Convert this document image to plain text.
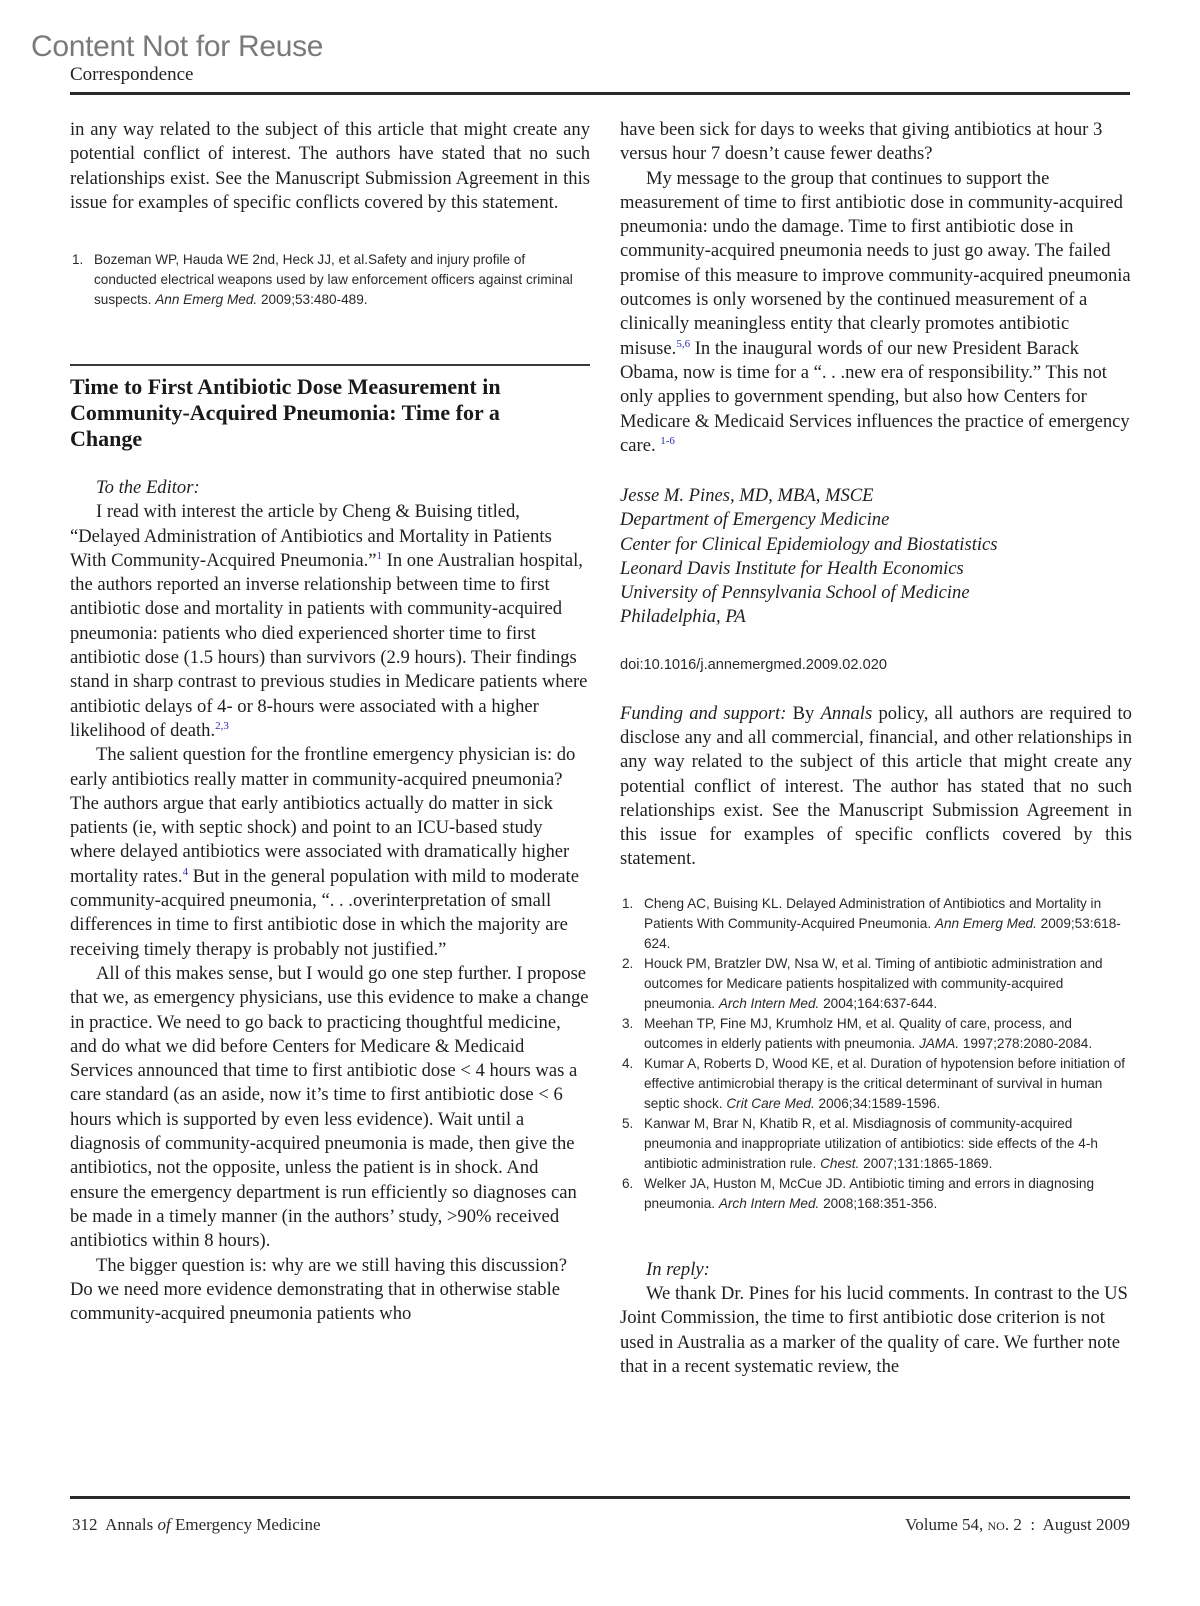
Content Not for Reuse
Correspondence

in any way related to the subject of this article that might create any potential conflict of interest. The authors have stated that no such relationships exist. See the Manuscript Submission Agreement in this issue for examples of specific conflicts covered by this statement.

1. Bozeman WP, Hauda WE 2nd, Heck JJ, et al.Safety and injury profile of conducted electrical weapons used by law enforcement officers against criminal suspects. Ann Emerg Med. 2009;53:480-489.
Time to First Antibiotic Dose Measurement in Community-Acquired Pneumonia: Time for a Change

To the Editor:

I read with interest the article by Cheng & Buising titled, “Delayed Administration of Antibiotics and Mortality in Patients With Community-Acquired Pneumonia.”$^1$ In one Australian hospital, the authors reported an inverse relationship between time to first antibiotic dose and mortality in patients with community-acquired pneumonia: patients who died experienced shorter time to first antibiotic dose (1.5 hours) than survivors (2.9 hours). Their findings stand in sharp contrast to previous studies in Medicare patients where antibiotic delays of 4- or 8-hours were associated with a higher likelihood of death.$^{2,3}$

The salient question for the frontline emergency physician is: do early antibiotics really matter in community-acquired pneumonia? The authors argue that early antibiotics actually do matter in sick patients (ie, with septic shock) and point to an ICU-based study where delayed antibiotics were associated with dramatically higher mortality rates.$^4$ But in the general population with mild to moderate community-acquired pneumonia, “. . .overinterpretation of small differences in time to first antibiotic dose in which the majority are receiving timely therapy is probably not justified.”

All of this makes sense, but I would go one step further. I propose that we, as emergency physicians, use this evidence to make a change in practice. We need to go back to practicing thoughtful medicine, and do what we did before Centers for Medicare & Medicaid Services announced that time to first antibiotic dose < 4 hours was a care standard (as an aside, now it’s time to first antibiotic dose < 6 hours which is supported by even less evidence). Wait until a diagnosis of community-acquired pneumonia is made, then give the antibiotics, not the opposite, unless the patient is in shock. And ensure the emergency department is run efficiently so diagnoses can be made in a timely manner (in the authors’ study, >90% received antibiotics within 8 hours).

The bigger question is: why are we still having this discussion? Do we need more evidence demonstrating that in otherwise stable community-acquired pneumonia patients who

have been sick for days to weeks that giving antibiotics at hour 3 versus hour 7 doesn’t cause fewer deaths?

My message to the group that continues to support the measurement of time to first antibiotic dose in community-acquired pneumonia: undo the damage. Time to first antibiotic dose in community-acquired pneumonia needs to just go away. The failed promise of this measure to improve community-acquired pneumonia outcomes is only worsened by the continued measurement of a clinically meaningless entity that clearly promotes antibiotic misuse.$^{5,6}$ In the inaugural words of our new President Barack Obama, now is time for a “. . .new era of responsibility.” This not only applies to government spending, but also how Centers for Medicare & Medicaid Services influences the practice of emergency care. $^{1-6}$

Jesse M. Pines, MD, MBA, MSCE
Department of Emergency Medicine
Center for Clinical Epidemiology and Biostatistics
Leonard Davis Institute for Health Economics
University of Pennsylvania School of Medicine
Philadelphia, PA
doi:10.1016/j.annemergmed.2009.02.020

Funding and support: By Annals policy, all authors are required to disclose any and all commercial, financial, and other relationships in any way related to the subject of this article that might create any potential conflict of interest. The author has stated that no such relationships exist. See the Manuscript Submission Agreement in this issue for examples of specific conflicts covered by this statement.

1. Cheng AC, Buising KL. Delayed Administration of Antibiotics and Mortality in Patients With Community-Acquired Pneumonia. Ann Emerg Med. 2009;53:618-624.
2. Houck PM, Bratzler DW, Nsa W, et al. Timing of antibiotic administration and outcomes for Medicare patients hospitalized with community-acquired pneumonia. Arch Intern Med. 2004;164:637-644.
3. Meehan TP, Fine MJ, Krumholz HM, et al. Quality of care, process, and outcomes in elderly patients with pneumonia. JAMA. 1997;278:2080-2084.
4. Kumar A, Roberts D, Wood KE, et al. Duration of hypotension before initiation of effective antimicrobial therapy is the critical determinant of survival in human septic shock. Crit Care Med. 2006;34:1589-1596.
5. Kanwar M, Brar N, Khatib R, et al. Misdiagnosis of community-acquired pneumonia and inappropriate utilization of antibiotics: side effects of the 4-h antibiotic administration rule. Chest. 2007;131:1865-1869.
6. Welker JA, Huston M, McCue JD. Antibiotic timing and errors in diagnosing pneumonia. Arch Intern Med. 2008;168:351-356.

In reply:

We thank Dr. Pines for his lucid comments. In contrast to the US Joint Commission, the time to first antibiotic dose criterion is not used in Australia as a marker of the quality of care. We further note that in a recent systematic review, the

312 Annals of Emergency Medicine	Volume 54, no. 2 : August 2009
